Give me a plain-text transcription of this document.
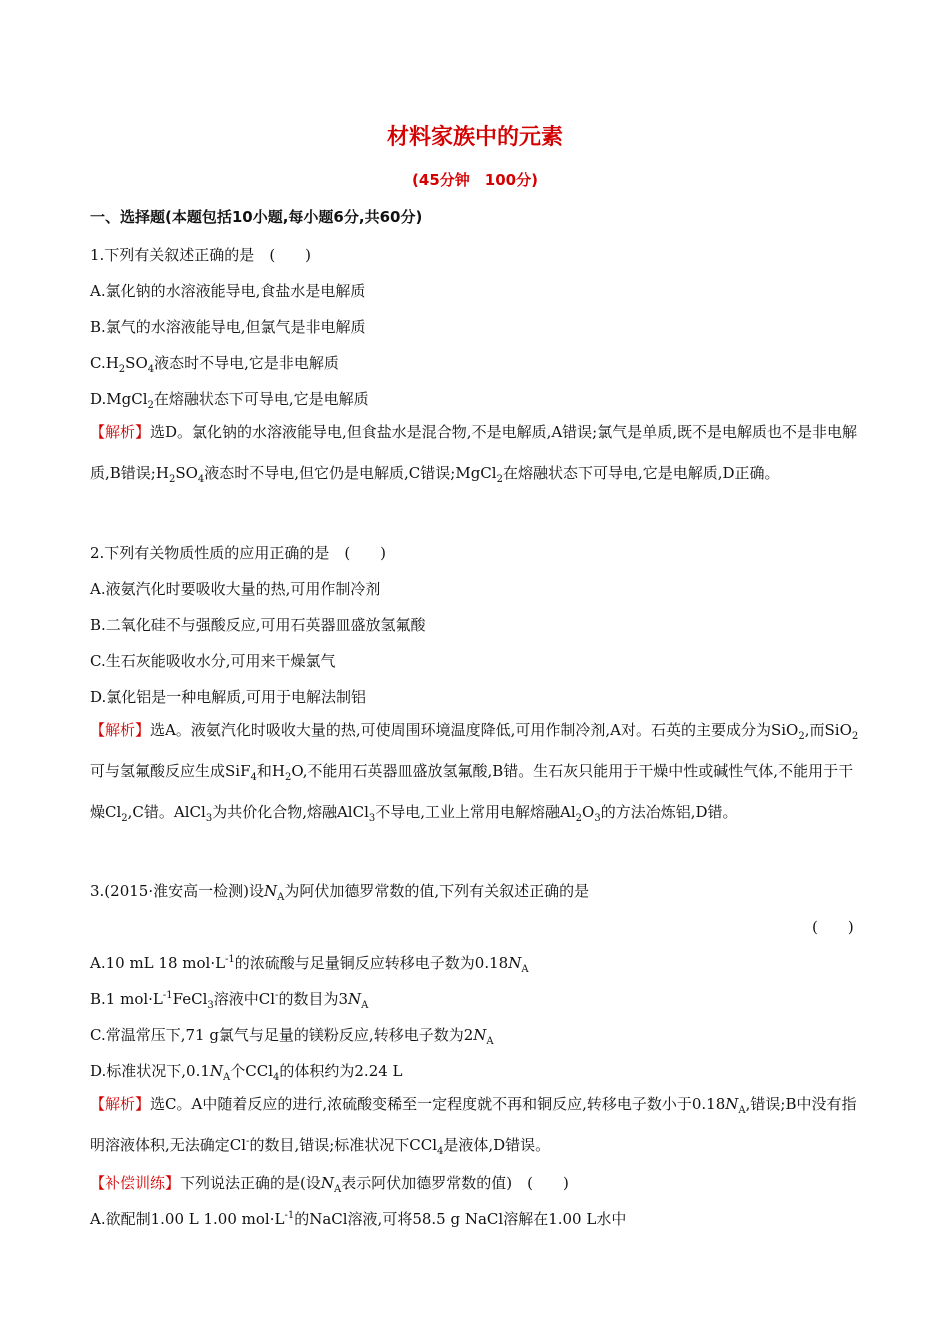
材料家族中的元素
(45分钟　100分)
一、选择题(本题包括10小题,每小题6分,共60分)
1.下列有关叙述正确的是　(　　)
A.氯化钠的水溶液能导电,食盐水是电解质
B.氯气的水溶液能导电,但氯气是非电解质
$C.H_2SO_4$液态时不导电,它是非电解质
D.MgCl$_2$在熔融状态下可导电,它是电解质
【解析】选D。氯化钠的水溶液能导电,但食盐水是混合物,不是电解质,A错误;氯气是单质,既不是电解质也不是非电解质,B错误$;H_2SO_4$液态时不导电,但它仍是电解质,C错误;MgCl$_2$在熔融状态下可导电,它是电解质,D正确。
2.下列有关物质性质的应用正确的是　(　　)
A.液氨汽化时要吸收大量的热,可用作制冷剂
B.二氧化硅不与强酸反应,可用石英器皿盛放氢氟酸
C.生石灰能吸收水分,可用来干燥氯气
D.氯化铝是一种电解质,可用于电解法制铝
【解析】选A。液氨汽化时吸收大量的热,可使周围环境温度降低,可用作制冷剂,A对。石英的主要成分为SiO$_2$,而SiO$_2$可与氢氟酸反应生成SiF$_4$和$H_2O$,不能用石英器皿盛放氢氟酸,B错。生石灰只能用于干燥中性或碱性气体,不能用于干燥$Cl_2,C$错。AlCl$_3$为共价化合物,熔融AlCl$_3$不导电,工业上常用电解熔融$Al_2O_3$的方法冶炼铝,D错。
3.(2015·淮安高一检测)设$N_A$为阿伏加德罗常数的值,下列有关叙述正确的是
(　　)
A.10 mL 18 $mol\cdot L^{-1}$的浓硫酸与足量铜反应转移电子数为$0.18N_A$
B.1 $mol\cdot L^{-1}FeCl_3$溶液中Cl-的数目为$3N_A$
C.常温常压下,71 g氯气与足量的镁粉反应,转移电子数为$2N_A$
D.标准状况下$,0.1N_A$个CCl$_4$的体积约为2.24 L
【解析】选C。A中随着反应的进行,浓硫酸变稀至一定程度就不再和铜反应,转移电子数小于$0.18N_A$,错误;B中没有指明溶液体积,无法确定Cl-的数目,错误;标准状况下CCl$_4$是液体,D错误。
【补偿训练】下列说法正确的是(设$N_A$表示阿伏加德罗常数的值)　(　　)
A.欲配制1.00 L 1.00 $mol\cdot L^{-1}$的NaCl溶液,可将58.5 g NaCl溶解在1.00 L水中
